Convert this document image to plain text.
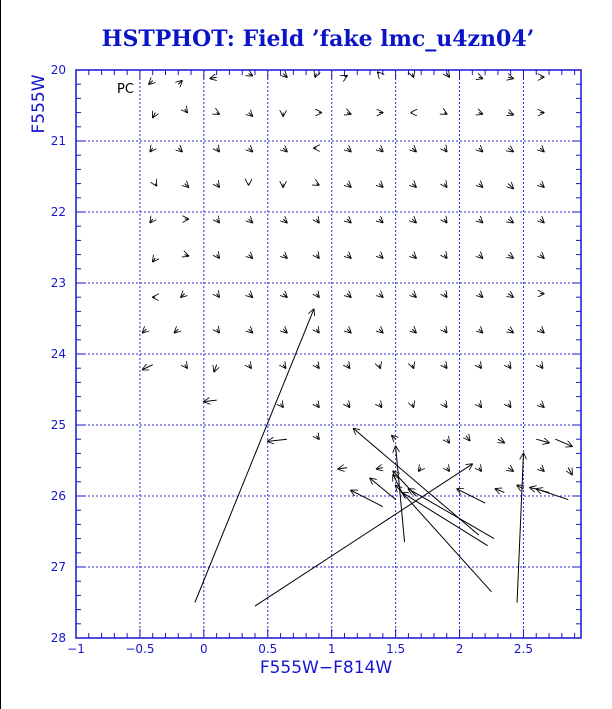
HSTPHOT: Field ’fake lmc_u4zn04’
−1	−0.5	0	0.5	1	1.5	2	2.5
20
21
22
23
24
25
26
27
28
PC
F555W−F814W
F555W
